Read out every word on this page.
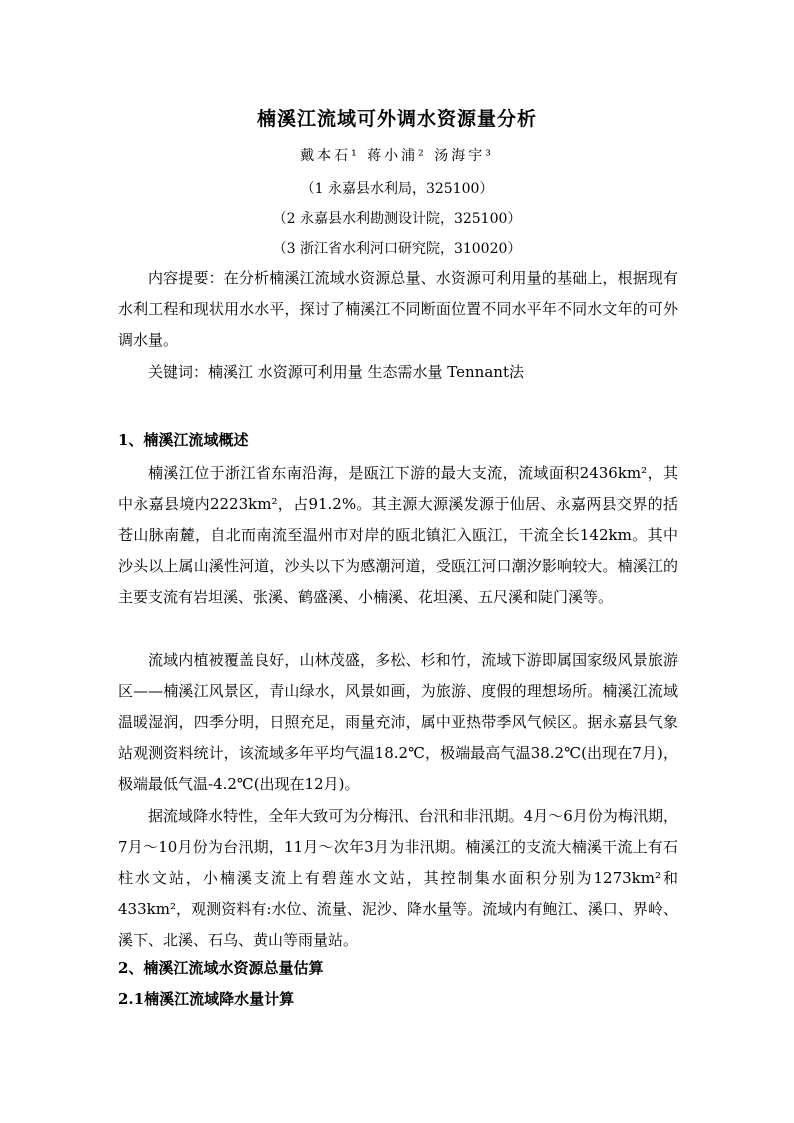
楠溪江流域可外调水资源量分析
戴本石¹ 蒋小浦² 汤海宇³
（1 永嘉县水利局，325100）
（2 永嘉县水利勘测设计院，325100）
（3 浙江省水利河口研究院，310020）

内容提要：在分析楠溪江流域水资源总量、水资源可利用量的基础上，根据现有水利工程和现状用水水平，探讨了楠溪江不同断面位置不同水平年不同水文年的可外调水量。

关键词：楠溪江 水资源可利用量 生态需水量 Tennant法

1、楠溪江流域概述

楠溪江位于浙江省东南沿海，是瓯江下游的最大支流，流域面积2436km²，其中永嘉县境内2223km²，占91.2%。其主源大源溪发源于仙居、永嘉两县交界的括苍山脉南麓，自北而南流至温州市对岸的瓯北镇汇入瓯江，干流全长142km。其中沙头以上属山溪性河道，沙头以下为感潮河道，受瓯江河口潮汐影响较大。楠溪江的主要支流有岩坦溪、张溪、鹤盛溪、小楠溪、花坦溪、五尺溪和陡门溪等。

流域内植被覆盖良好，山林茂盛，多松、杉和竹，流域下游即属国家级风景旅游区——楠溪江风景区，青山绿水，风景如画，为旅游、度假的理想场所。楠溪江流域温暖湿润，四季分明，日照充足，雨量充沛，属中亚热带季风气候区。据永嘉县气象站观测资料统计，该流域多年平均气温18.2℃，极端最高气温38.2℃(出现在7月)，极端最低气温-4.2℃(出现在12月)。

据流域降水特性，全年大致可为分梅汛、台汛和非汛期。4月～6月份为梅汛期，7月～10月份为台汛期，11月～次年3月为非汛期。楠溪江的支流大楠溪干流上有石柱水文站，小楠溪支流上有碧莲水文站，其控制集水面积分别为1273km²和433km²，观测资料有:水位、流量、泥沙、降水量等。流域内有鲍江、溪口、界岭、溪下、北溪、石乌、黄山等雨量站。

2、楠溪江流域水资源总量估算
2.1楠溪江流域降水量计算
